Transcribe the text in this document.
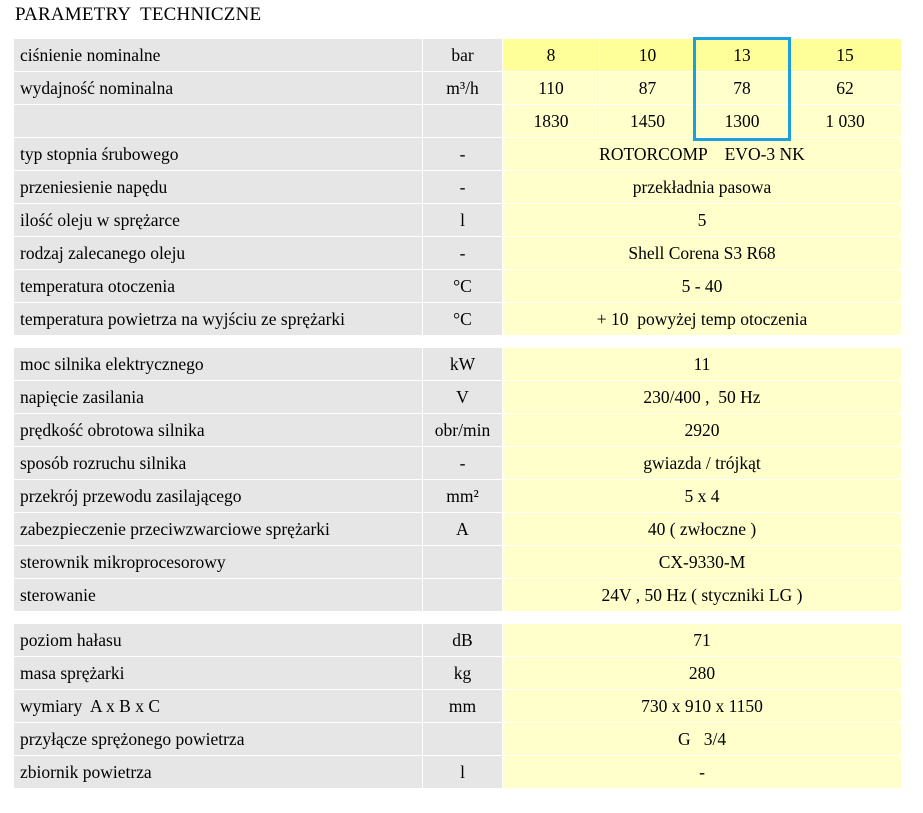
PARAMETRY  TECHNICZNE
ciśnienie nominalne	bar	8	10	13	15
wydajność nominalna	m³/h	110	87	78	62
		1830	1450	1300	1 030
typ stopnia śrubowego	-	ROTORCOMP    EVO-3 NK			
przeniesienie napędu	-	przekładnia pasowa			
ilość oleju w sprężarce	l	5			
rodzaj zalecanego oleju	-	Shell Corena S3 R68			
temperatura otoczenia	°C	5 - 40			
temperatura powietrza na wyjściu ze sprężarki	°C	+ 10  powyżej temp otoczenia			

moc silnika elektrycznego	kW	11			
napięcie zasilania	V	230/400 ,  50 Hz			
prędkość obrotowa silnika	obr/min	2920			
sposób rozruchu silnika	-	gwiazda / trójkąt			
przekrój przewodu zasilającego	mm²	5 x 4			
zabezpieczenie przeciwzwarciowe sprężarki	A	40 ( zwłoczne )			
sterownik mikroprocesorowy		CX-9330-M			
sterowanie		24V , 50 Hz ( styczniki LG )			

poziom hałasu	dB	71			
masa sprężarki	kg	280			
wymiary  A x B x C	mm	730 x 910 x 1150			
przyłącze sprężonego powietrza		G   3/4			
zbiornik powietrza	l	-			
